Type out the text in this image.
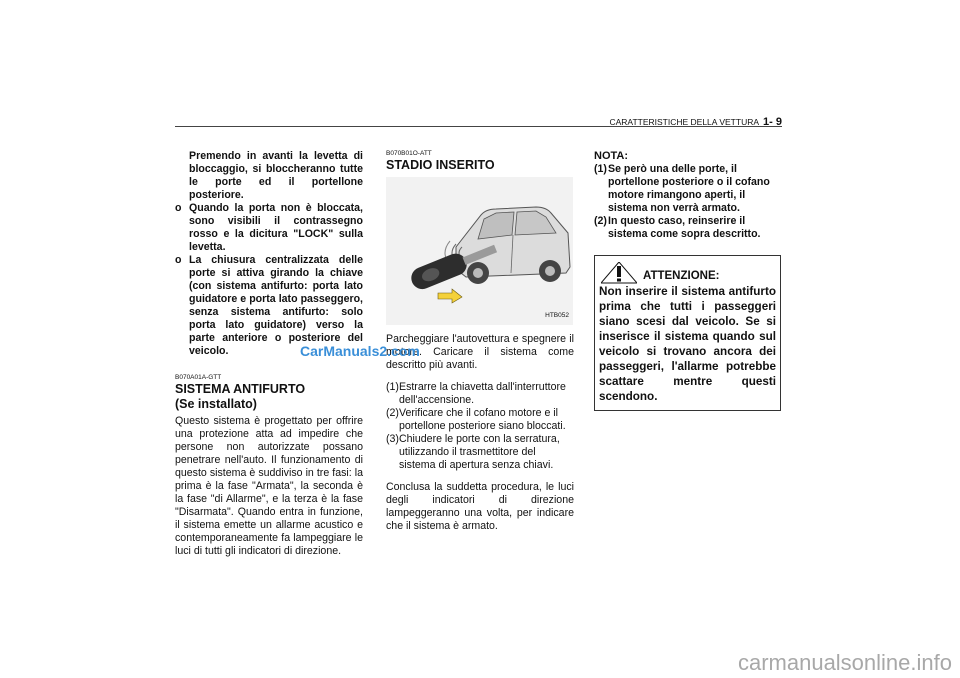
CARATTERISTICHE DELLA VETTURA 1- 9
Premendo in avanti la levetta di bloccaggio, si bloccheranno tutte le porte ed il portellone posteriore.
o Quando la porta non è bloccata, sono visibili il contrassegno rosso e la dicitura "LOCK" sulla levetta.
o La chiusura centralizzata delle porte si attiva girando la chiave (con sistema antifurto: porta lato guidatore e porta lato passeggero, senza sistema antifurto: solo porta lato guidatore) verso la parte anteriore o posteriore del veicolo.
B070A01A-GTT
SISTEMA ANTIFURTO
(Se installato)
Questo sistema è progettato per offrire una protezione atta ad impedire che persone non autorizzate possano penetrare nell'auto. Il funzionamento di questo sistema è suddiviso in tre fasi: la prima è la fase "Armata", la seconda è la fase "di Allarme", e la terza è la fase "Disarmata". Quando entra in funzione, il sistema emette un allarme acustico e contemporaneamente fa lampeggiare le luci di tutti gli indicatori di direzione.
B070B01O-ATT
STADIO INSERITO
HTB052
Parcheggiare l'autovettura e spegnere il motore. Caricare il sistema come descritto più avanti.
(1) Estrarre la chiavetta dall'interruttore dell'accensione.
(2) Verificare che il cofano motore e il portellone posteriore siano bloccati.
(3) Chiudere le porte con la serratura, utilizzando il trasmettitore del sistema di apertura senza chiavi.
Conclusa la suddetta procedura, le luci degli indicatori di direzione lampeggeranno una volta, per indicare che il sistema è armato.
NOTA:
(1) Se però una delle porte, il portellone posteriore o il cofano motore rimangono aperti, il sistema non verrà armato.
(2) In questo caso, reinserire il sistema come sopra descritto.
ATTENZIONE:
Non inserire il sistema antifurto prima che tutti i passeggeri siano scesi dal veicolo. Se si inserisce il sistema quando sul veicolo si trovano ancora dei passeggeri, l'allarme potrebbe scattare mentre questi scendono.
CarManuals2.com
carmanualsonline.info
